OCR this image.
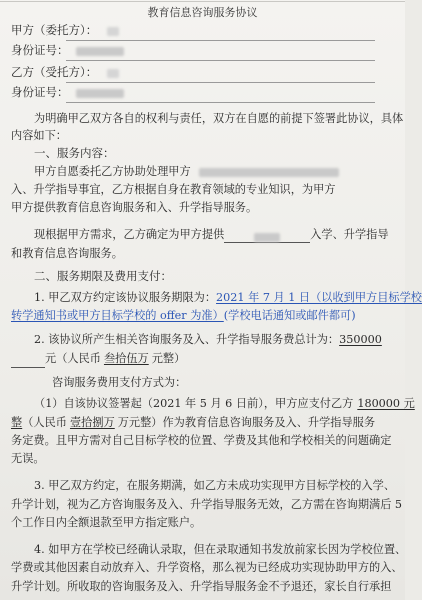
教育信息咨询服务协议
甲方（委托方）：
身份证号：
乙方（受托方）：
身份证号：
为明确甲乙双方各自的权利与责任，双方在自愿的前提下签署此协议，具体
内容如下：
一、服务内容：
甲方自愿委托乙方协助处理甲方
入、升学指导事宜，乙方根据自身在教育领域的专业知识，为甲方
甲方提供教育信息咨询服务和入、升学指导服务。
现根据甲方需求，乙方确定为甲方提供	入学、升学指导
和教育信息咨询服务。
二、服务期限及费用支付：
1. 甲乙双方约定该协议服务期限为：2021 年 7 月 1 日（以收到甲方目标学校
转学通知书或甲方目标学校的 offer 为准）(学校电话通知或邮件都可)
2. 该协议所产生相关咨询服务及入、升学指导服务费总计为：350000
元（人民币 叁拾伍万 元整）
咨询服务费用支付方式为：
（1）自该协议签署起（2021 年 5 月 6 日前），甲方应支付乙方 180000 元
整（人民币 壹拾捌万 万元整）作为教育信息咨询服务及入、升学指导服务
务定费。且甲方需对自己目标学校的位置、学费及其他和学校相关的问题确定
无误。
3. 甲乙双方约定，在服务期满，如乙方未成功实现甲方目标学校的入学、
升学计划，视为乙方咨询服务及入、升学指导服务无效，乙方需在咨询期满后 5
个工作日内全额退款至甲方指定账户。
4. 如甲方在学校已经确认录取，但在录取通知书发放前家长因为学校位置、
学费或其他因素自动放弃入、升学资格，那么视为已经成功实现协助甲方的入、
升学计划。所收取的咨询服务及入、升学指导服务金不予退还，家长自行承担
